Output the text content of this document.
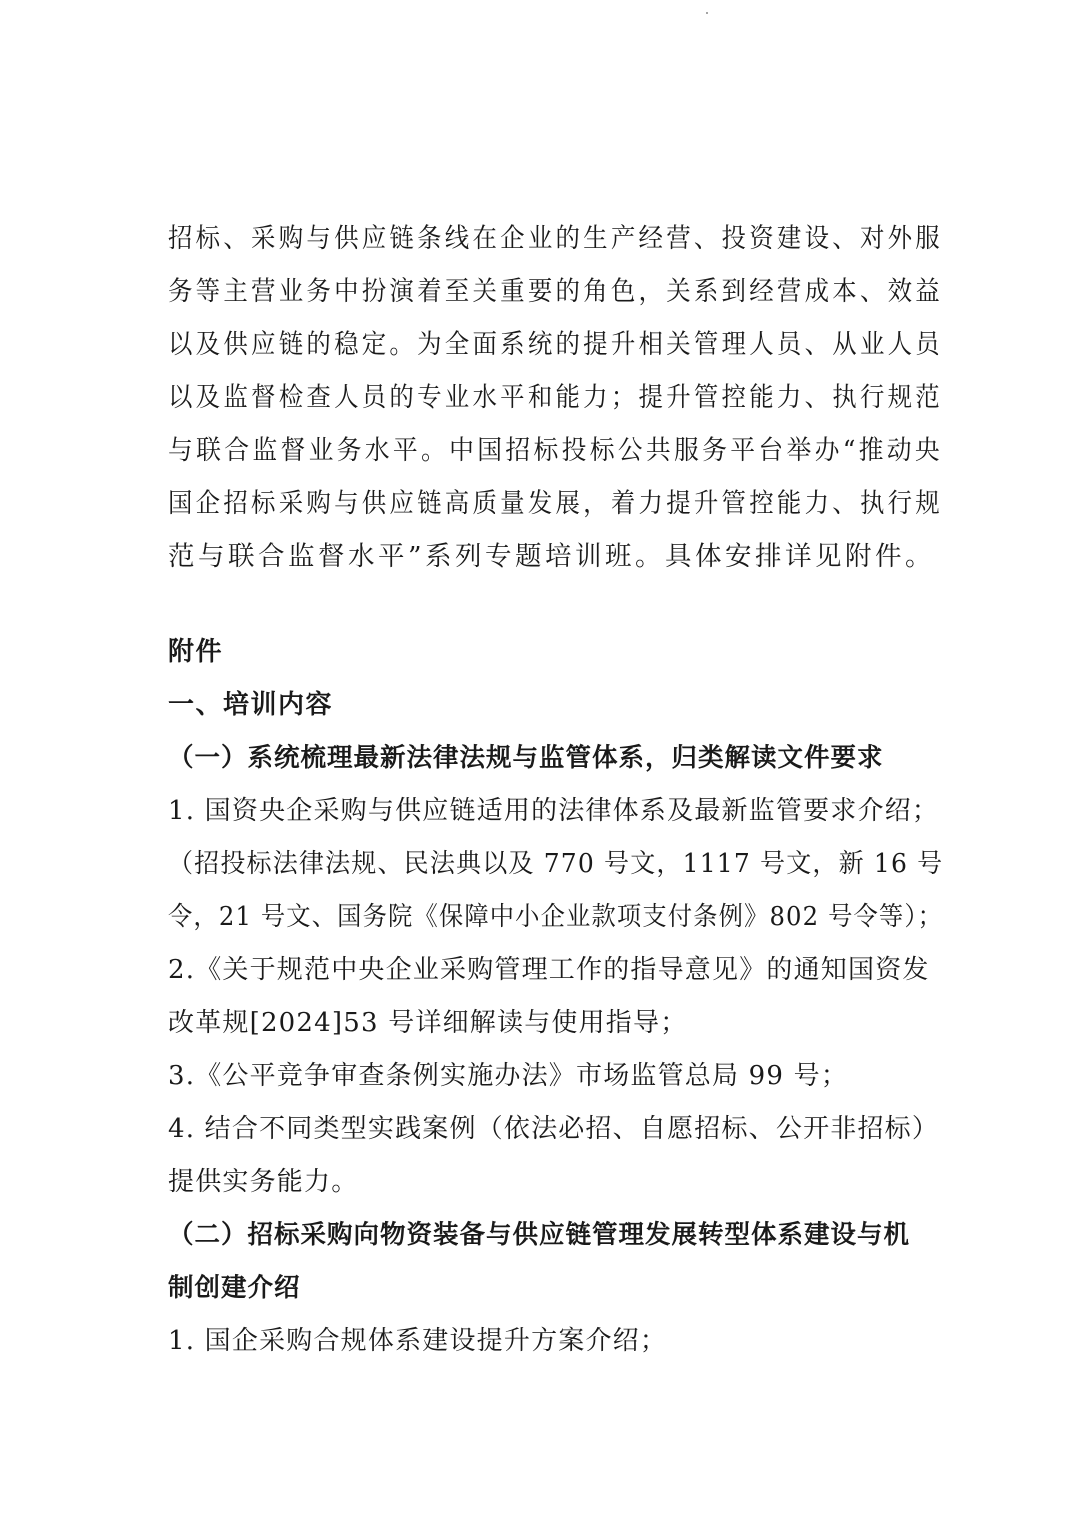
招标、采购与供应链条线在企业的生产经营、投资建设、对外服
务等主营业务中扮演着至关重要的角色，关系到经营成本、效益
以及供应链的稳定。为全面系统的提升相关管理人员、从业人员
以及监督检查人员的专业水平和能力；提升管控能力、执行规范
与联合监督业务水平。中国招标投标公共服务平台举办“推动央
国企招标采购与供应链高质量发展，着力提升管控能力、执行规
范与联合监督水平”系列专题培训班。具体安排详见附件。
附件
一、培训内容
（一）系统梳理最新法律法规与监管体系，归类解读文件要求
1. 国资央企采购与供应链适用的法律体系及最新监管要求介绍；
（招投标法律法规、民法典以及 770 号文，1117 号文，新 16 号
令，21 号文、国务院《保障中小企业款项支付条例》802 号令等）；
2.《关于规范中央企业采购管理工作的指导意见》的通知国资发
改革规[2024]53 号详细解读与使用指导；
3.《公平竞争审查条例实施办法》市场监管总局 99 号；
4. 结合不同类型实践案例（依法必招、自愿招标、公开非招标）
提供实务能力。
（二）招标采购向物资装备与供应链管理发展转型体系建设与机
制创建介绍
1. 国企采购合规体系建设提升方案介绍；
